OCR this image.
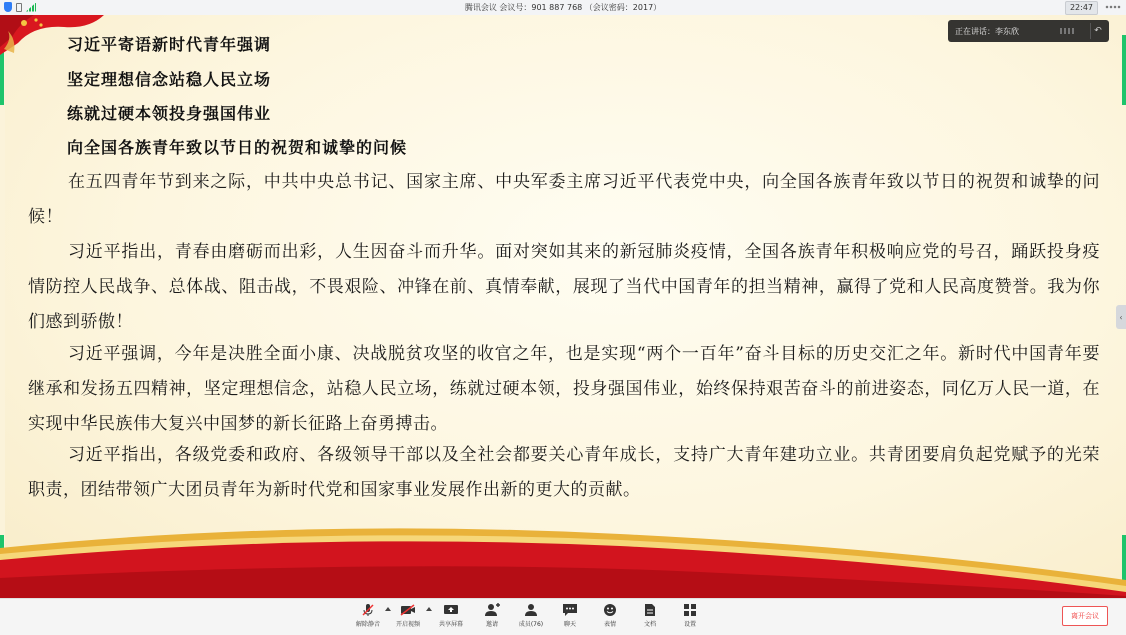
腾讯会议 会议号：901 887 768 （会议密码：2017）	22:47
习近平寄语新时代青年强调
坚定理想信念站稳人民立场
练就过硬本领投身强国伟业
向全国各族青年致以节日的祝贺和诚挚的问候
在五四青年节到来之际，中共中央总书记、国家主席、中央军委主席习近平代表党中央，向全国各族青年致以节日的祝贺和诚挚的问候！
习近平指出，青春由磨砺而出彩，人生因奋斗而升华。面对突如其来的新冠肺炎疫情，全国各族青年积极响应党的号召，踊跃投身疫情防控人民战争、总体战、阻击战，不畏艰险、冲锋在前、真情奉献，展现了当代中国青年的担当精神，赢得了党和人民高度赞誉。我为你们感到骄傲！
习近平强调，今年是决胜全面小康、决战脱贫攻坚的收官之年，也是实现“两个一百年”奋斗目标的历史交汇之年。新时代中国青年要继承和发扬五四精神，坚定理想信念，站稳人民立场，练就过硬本领，投身强国伟业，始终保持艰苦奋斗的前进姿态，同亿万人民一道，在实现中华民族伟大复兴中国梦的新长征路上奋勇搏击。
习近平指出，各级党委和政府、各级领导干部以及全社会都要关心青年成长，支持广大青年建功立业。共青团要肩负起党赋予的光荣职责，团结带领广大团员青年为新时代党和国家事业发展作出新的更大的贡献。
‹
正在讲话：李东欣	↶
解除静音	开启视频	共享屏幕	邀请	成员(76)	聊天	表情	文档	设置
离开会议
